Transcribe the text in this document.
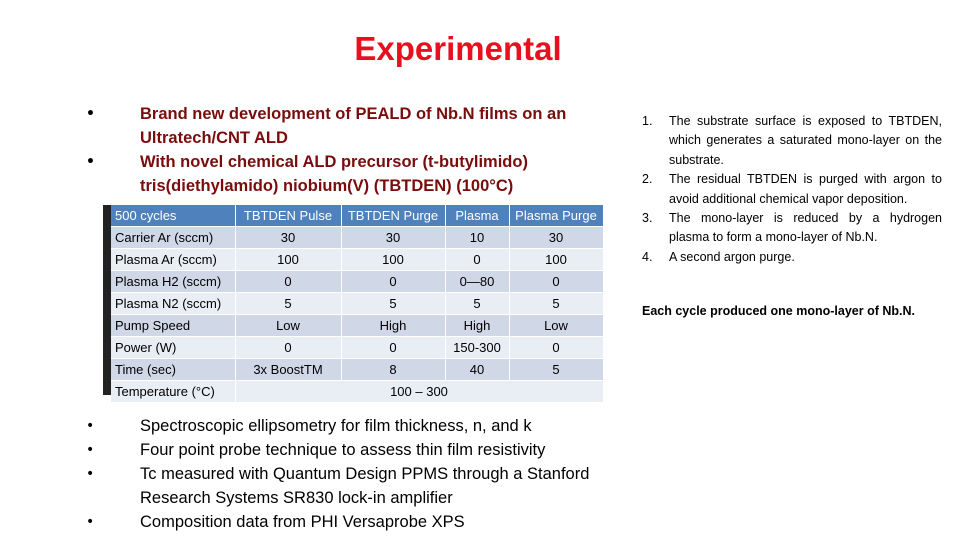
Experimental
•	Brand new development of PEALD of Nb.N films on an Ultratech/CNT ALD
•	With novel chemical ALD precursor (t-butylimido) tris(diethylamido) niobium(V) (TBTDEN) (100°C)
500 cycles	TBTDEN Pulse	TBTDEN Purge	Plasma	Plasma Purge
Carrier Ar (sccm)	30	30	10	30
Plasma Ar (sccm)	100	100	0	100
Plasma H2 (sccm)	0	0	0—80	0
Plasma N2 (sccm)	5	5	5	5
Pump Speed	Low	High	High	Low
Power (W)	0	0	150-300	0
Time (sec)	3x BoostTM	8	40	5
Temperature (°C)	100 – 300			
1. The substrate surface is exposed to TBTDEN, which generates a saturated mono-layer on the substrate.
2. The residual TBTDEN is purged with argon to avoid additional chemical vapor deposition.
3. The mono-layer is reduced by a hydrogen plasma to form a mono-layer of Nb.N.
4. A second argon purge.
Each cycle produced one mono-layer of Nb.N.
•	Spectroscopic ellipsometry for film thickness, n, and k
•	Four point probe technique to assess thin film resistivity
•	Tc measured with Quantum Design PPMS through a Stanford Research Systems SR830 lock-in amplifier
•	Composition data from PHI Versaprobe XPS
